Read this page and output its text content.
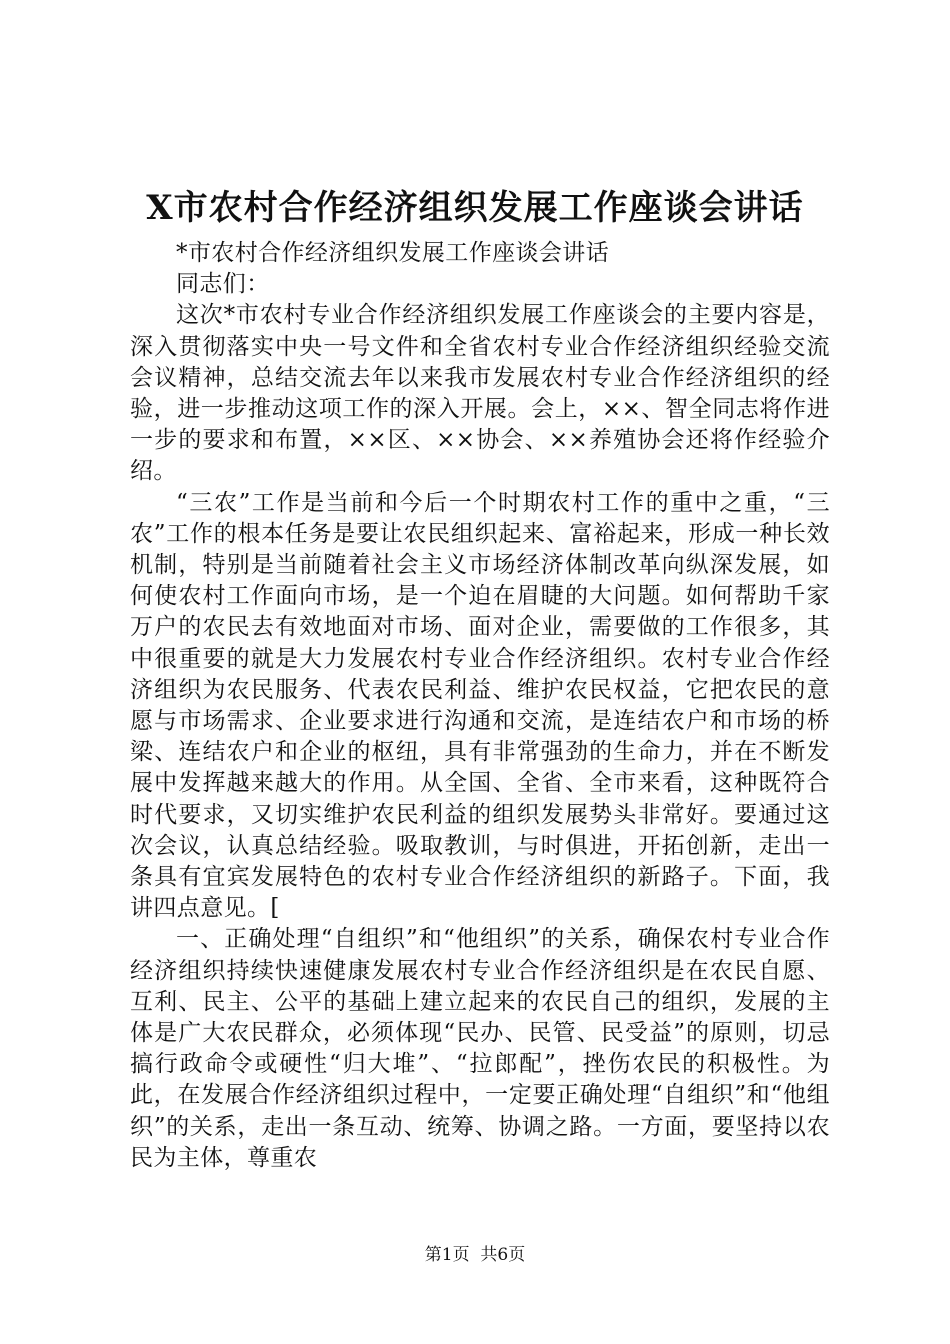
X市农村合作经济组织发展工作座谈会讲话

*市农村合作经济组织发展工作座谈会讲话

同志们：

这次*市农村专业合作经济组织发展工作座谈会的主要内容是，深入贯彻落实中央一号文件和全省农村专业合作经济组织经验交流会议精神，总结交流去年以来我市发展农村专业合作经济组织的经验，进一步推动这项工作的深入开展。会上，××、智全同志将作进一步的要求和布置，××区、××协会、××养殖协会还将作经验介绍。

“三农”工作是当前和今后一个时期农村工作的重中之重，“三农”工作的根本任务是要让农民组织起来、富裕起来，形成一种长效机制，特别是当前随着社会主义市场经济体制改革向纵深发展，如何使农村工作面向市场，是一个迫在眉睫的大问题。如何帮助千家万户的农民去有效地面对市场、面对企业，需要做的工作很多，其中很重要的就是大力发展农村专业合作经济组织。农村专业合作经济组织为农民服务、代表农民利益、维护农民权益，它把农民的意愿与市场需求、企业要求进行沟通和交流，是连结农户和市场的桥梁、连结农户和企业的枢纽，具有非常强劲的生命力，并在不断发展中发挥越来越大的作用。从全国、全省、全市来看，这种既符合时代要求，又切实维护农民利益的组织发展势头非常好。要通过这次会议，认真总结经验。吸取教训，与时俱进，开拓创新，走出一条具有宜宾发展特色的农村专业合作经济组织的新路子。下面，我讲四点意见。[

一、正确处理“自组织”和“他组织”的关系，确保农村专业合作经济组织持续快速健康发展农村专业合作经济组织是在农民自愿、互利、民主、公平的基础上建立起来的农民自己的组织，发展的主体是广大农民群众，必须体现“民办、民管、民受益”的原则，切忌搞行政命令或硬性“归大堆”、“拉郎配”，挫伤农民的积极性。为此，在发展合作经济组织过程中，一定要正确处理“自组织”和“他组织”的关系，走出一条互动、统筹、协调之路。一方面，要坚持以农民为主体，尊重农

第1页 共6页
